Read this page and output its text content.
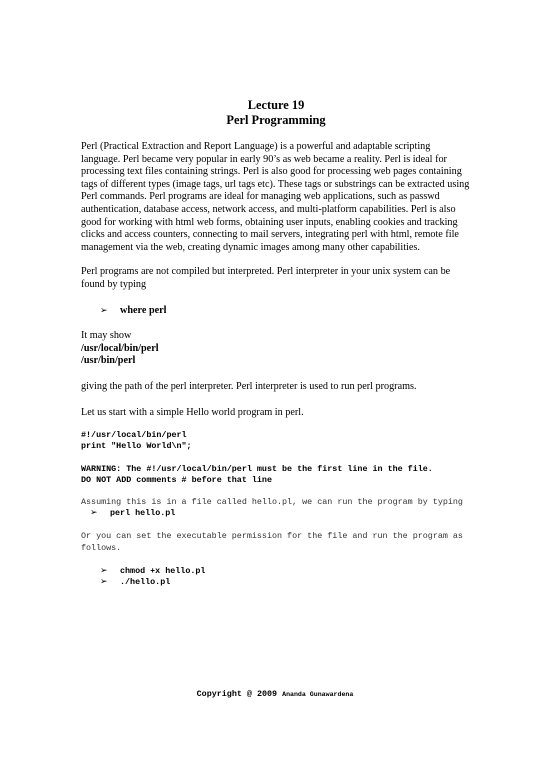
Lecture 19
Perl Programming

Perl (Practical Extraction and Report Language) is a powerful and adaptable scripting language. Perl became very popular in early 90’s as web became a reality. Perl is ideal for processing text files containing strings. Perl is also good for processing web pages containing tags of different types (image tags, url tags etc). These tags or substrings can be extracted using Perl commands. Perl programs are ideal for managing web applications, such as passwd authentication, database access, network access, and multi-platform capabilities. Perl is also good for working with html web forms, obtaining user inputs, enabling cookies and tracking clicks and access counters, connecting to mail servers, integrating perl with html, remote file management via the web, creating dynamic images among many other capabilities.

Perl programs are not compiled but interpreted. Perl interpreter in your unix system can be found by typing

➢	where perl

It may show
/usr/local/bin/perl
/usr/bin/perl

giving the path of the perl interpreter. Perl interpreter is used to run perl programs.

Let us start with a simple Hello world program in perl.

#!/usr/local/bin/perl
print "Hello World\n";
WARNING: The #!/usr/local/bin/perl must be the first line in the file.
DO NOT ADD comments # before that line
Assuming this is in a file called hello.pl, we can run the program by typing
➢	perl hello.pl
Or you can set the executable permission for the file and run the program as follows.
➢	chmod +x hello.pl
➢	./hello.pl
Copyright @ 2009 Ananda Gunawardena
